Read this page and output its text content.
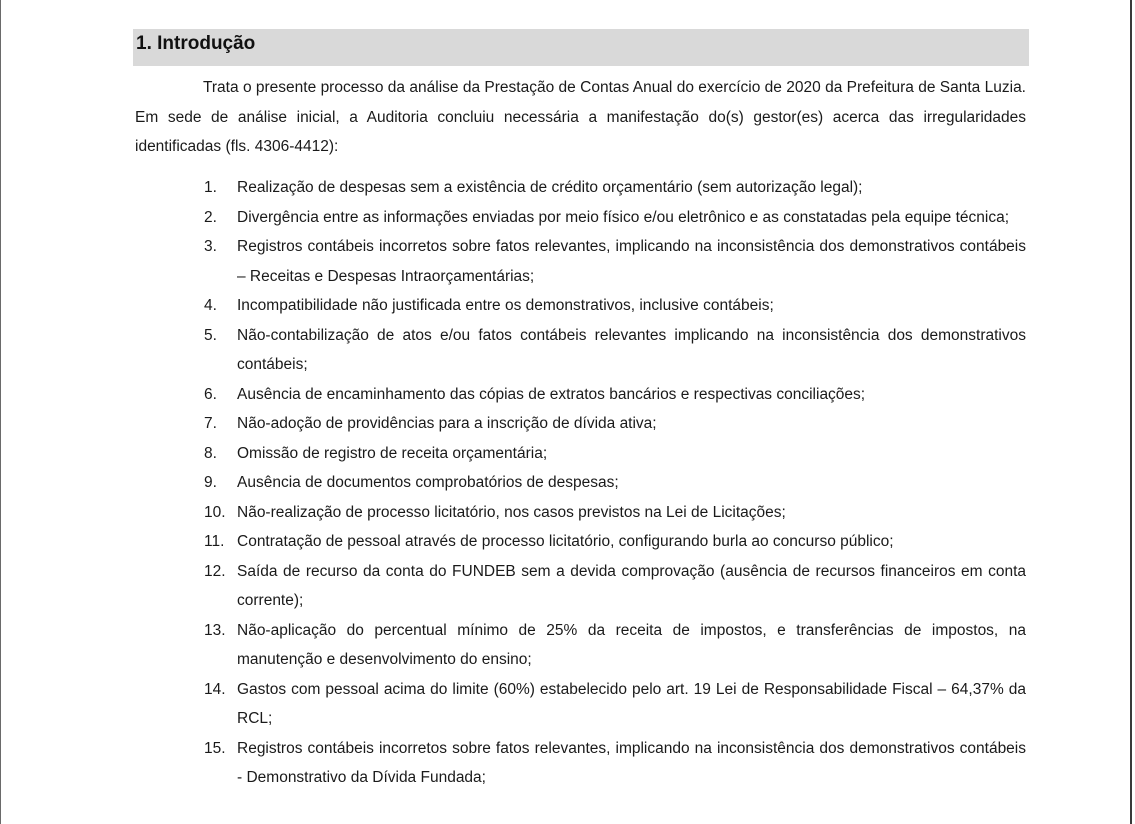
1. Introdução

Trata o presente processo da análise da Prestação de Contas Anual do exercício de 2020 da Prefeitura de Santa Luzia. Em sede de análise inicial, a Auditoria concluiu necessária a manifestação do(s) gestor(es) acerca das irregularidades identificadas (fls. 4306-4412):

1. Realização de despesas sem a existência de crédito orçamentário (sem autorização legal);
2. Divergência entre as informações enviadas por meio físico e/ou eletrônico e as constatadas pela equipe técnica;
3. Registros contábeis incorretos sobre fatos relevantes, implicando na inconsistência dos demonstrativos contábeis – Receitas e Despesas Intraorçamentárias;
4. Incompatibilidade não justificada entre os demonstrativos, inclusive contábeis;
5. Não-contabilização de atos e/ou fatos contábeis relevantes implicando na inconsistência dos demonstrativos contábeis;
6. Ausência de encaminhamento das cópias de extratos bancários e respectivas conciliações;
7. Não-adoção de providências para a inscrição de dívida ativa;
8. Omissão de registro de receita orçamentária;
9. Ausência de documentos comprobatórios de despesas;
10. Não-realização de processo licitatório, nos casos previstos na Lei de Licitações;
11. Contratação de pessoal através de processo licitatório, configurando burla ao concurso público;
12. Saída de recurso da conta do FUNDEB sem a devida comprovação (ausência de recursos financeiros em conta corrente);
13. Não-aplicação do percentual mínimo de 25% da receita de impostos, e transferências de impostos, na manutenção e desenvolvimento do ensino;
14. Gastos com pessoal acima do limite (60%) estabelecido pelo art. 19 Lei de Responsabilidade Fiscal – 64,37% da RCL;
15. Registros contábeis incorretos sobre fatos relevantes, implicando na inconsistência dos demonstrativos contábeis - Demonstrativo da Dívida Fundada;
